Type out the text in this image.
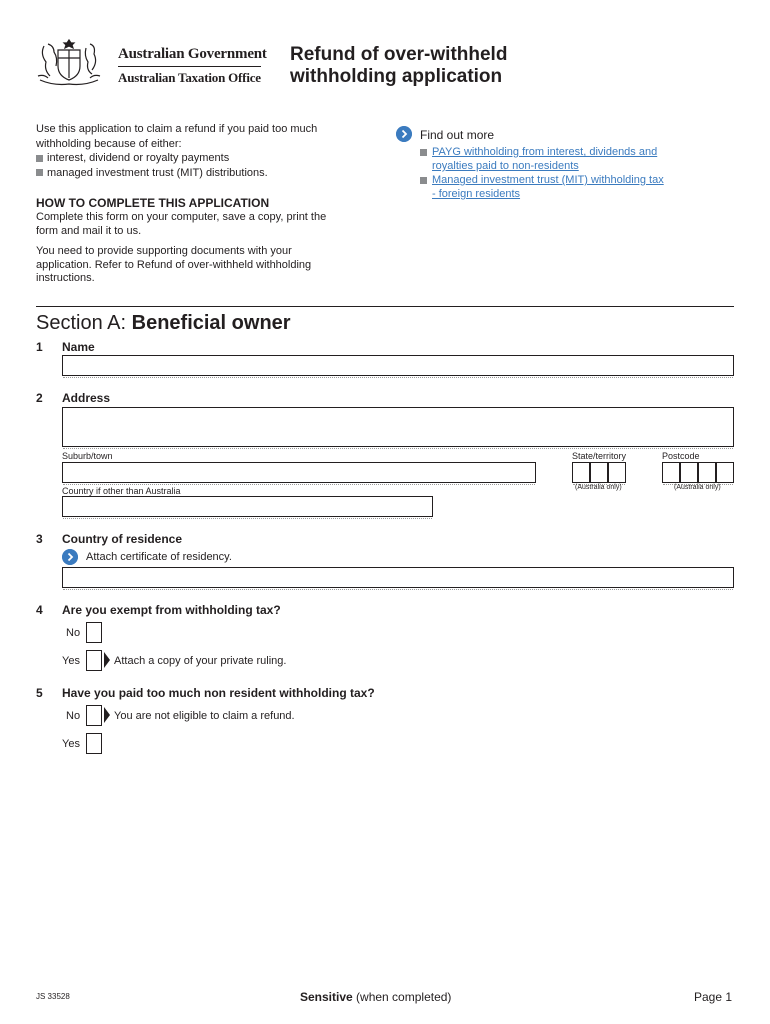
Australian Government
Australian Taxation Office
Refund of over-withheld
withholding application
Use this application to claim a refund if you paid too much
withholding because of either:
interest, dividend or royalty payments
managed investment trust (MIT) distributions.
HOW TO COMPLETE THIS APPLICATION
Complete this form on your computer, save a copy, print the
form and mail it to us.
You need to provide supporting documents with your
application. Refer to Refund of over-withheld withholding
instructions.
Find out more
PAYG withholding from interest, dividends and
royalties paid to non-residents
Managed investment trust (MIT) withholding tax
- foreign residents
Section A: Beneficial owner
1 Name
2 Address
Suburb/town	State/territory	Postcode
(Australia only)	(Australia only)
Country if other than Australia
3 Country of residence
Attach certificate of residency.
4 Are you exempt from withholding tax?
No
Yes	Attach a copy of your private ruling.
5 Have you paid too much non resident withholding tax?
No	You are not eligible to claim a refund.
Yes
JS 33528	Sensitive (when completed)	Page 1
